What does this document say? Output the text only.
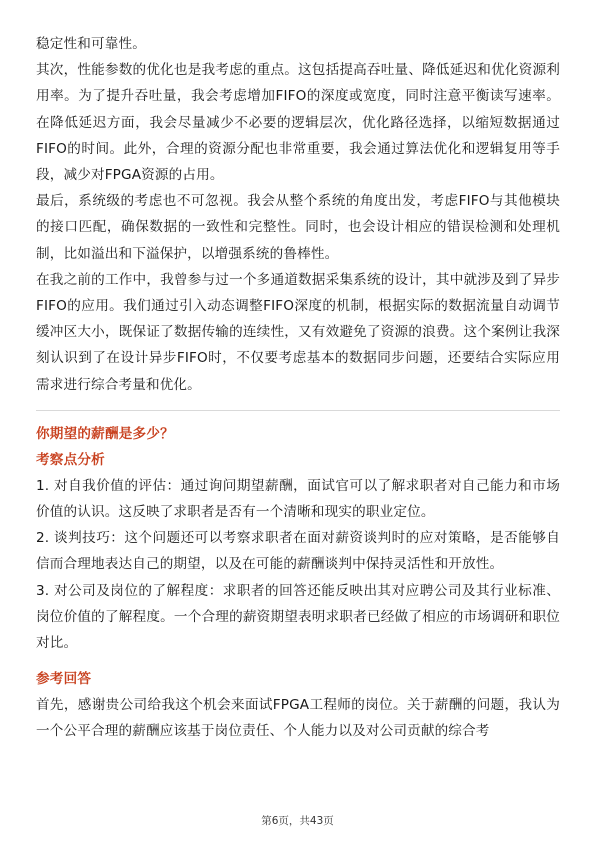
稳定性和可靠性。

其次，性能参数的优化也是我考虑的重点。这包括提高吞吐量、降低延迟和优化资源利用率。为了提升吞吐量，我会考虑增加FIFO的深度或宽度，同时注意平衡读写速率。在降低延迟方面，我会尽量减少不必要的逻辑层次，优化路径选择，以缩短数据通过FIFO的时间。此外，合理的资源分配也非常重要，我会通过算法优化和逻辑复用等手段，减少对FPGA资源的占用。

最后，系统级的考虑也不可忽视。我会从整个系统的角度出发，考虑FIFO与其他模块的接口匹配，确保数据的一致性和完整性。同时，也会设计相应的错误检测和处理机制，比如溢出和下溢保护，以增强系统的鲁棒性。

在我之前的工作中，我曾参与过一个多通道数据采集系统的设计，其中就涉及到了异步FIFO的应用。我们通过引入动态调整FIFO深度的机制，根据实际的数据流量自动调节缓冲区大小，既保证了数据传输的连续性，又有效避免了资源的浪费。这个案例让我深刻认识到了在设计异步FIFO时，不仅要考虑基本的数据同步问题，还要结合实际应用需求进行综合考量和优化。

你期望的薪酬是多少？

考察点分析

1. 对自我价值的评估：通过询问期望薪酬，面试官可以了解求职者对自己能力和市场价值的认识。这反映了求职者是否有一个清晰和现实的职业定位。

2. 谈判技巧：这个问题还可以考察求职者在面对薪资谈判时的应对策略，是否能够自信而合理地表达自己的期望，以及在可能的薪酬谈判中保持灵活性和开放性。

3. 对公司及岗位的了解程度：求职者的回答还能反映出其对应聘公司及其行业标准、岗位价值的了解程度。一个合理的薪资期望表明求职者已经做了相应的市场调研和职位对比。

参考回答

首先，感谢贵公司给我这个机会来面试FPGA工程师的岗位。关于薪酬的问题，我认为一个公平合理的薪酬应该基于岗位责任、个人能力以及对公司贡献的综合考

第6页，共43页
